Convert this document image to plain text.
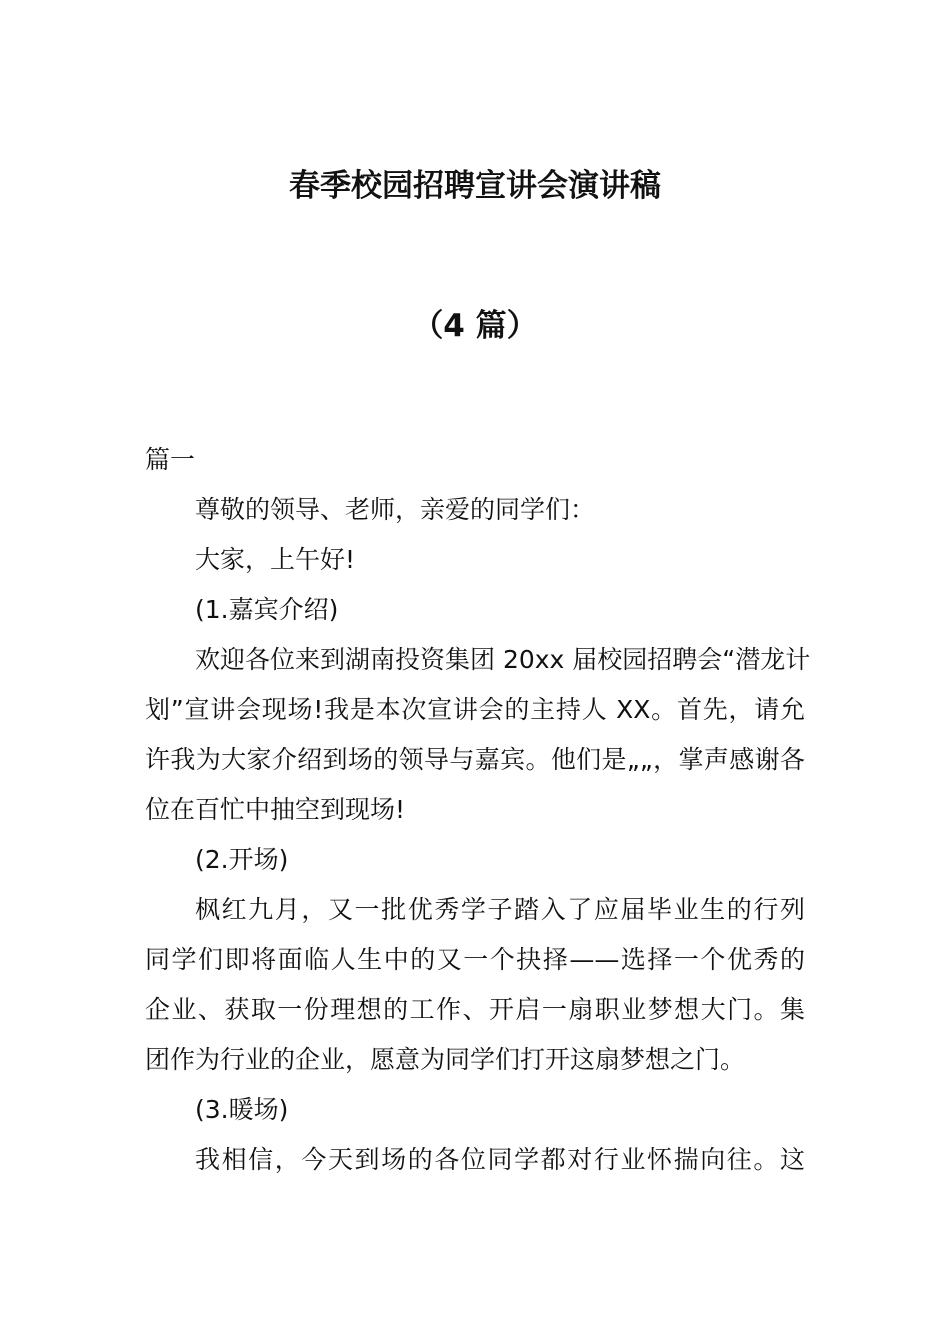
春季校园招聘宣讲会演讲稿
（4 篇）
篇一
尊敬的领导、老师，亲爱的同学们：
大家，上午好!
(1.嘉宾介绍)
欢迎各位来到湖南投资集团 20xx 届校园招聘会“潜龙计
划”宣讲会现场!我是本次宣讲会的主持人 XX。首先，请允
许我为大家介绍到场的领导与嘉宾。他们是„„，掌声感谢各
位在百忙中抽空到现场!
(2.开场)
枫红九月，又一批优秀学子踏入了应届毕业生的行列
同学们即将面临人生中的又一个抉择——选择一个优秀的
企业、获取一份理想的工作、开启一扇职业梦想大门。集
团作为行业的企业，愿意为同学们打开这扇梦想之门。
(3.暖场)
我相信，今天到场的各位同学都对行业怀揣向往。这
